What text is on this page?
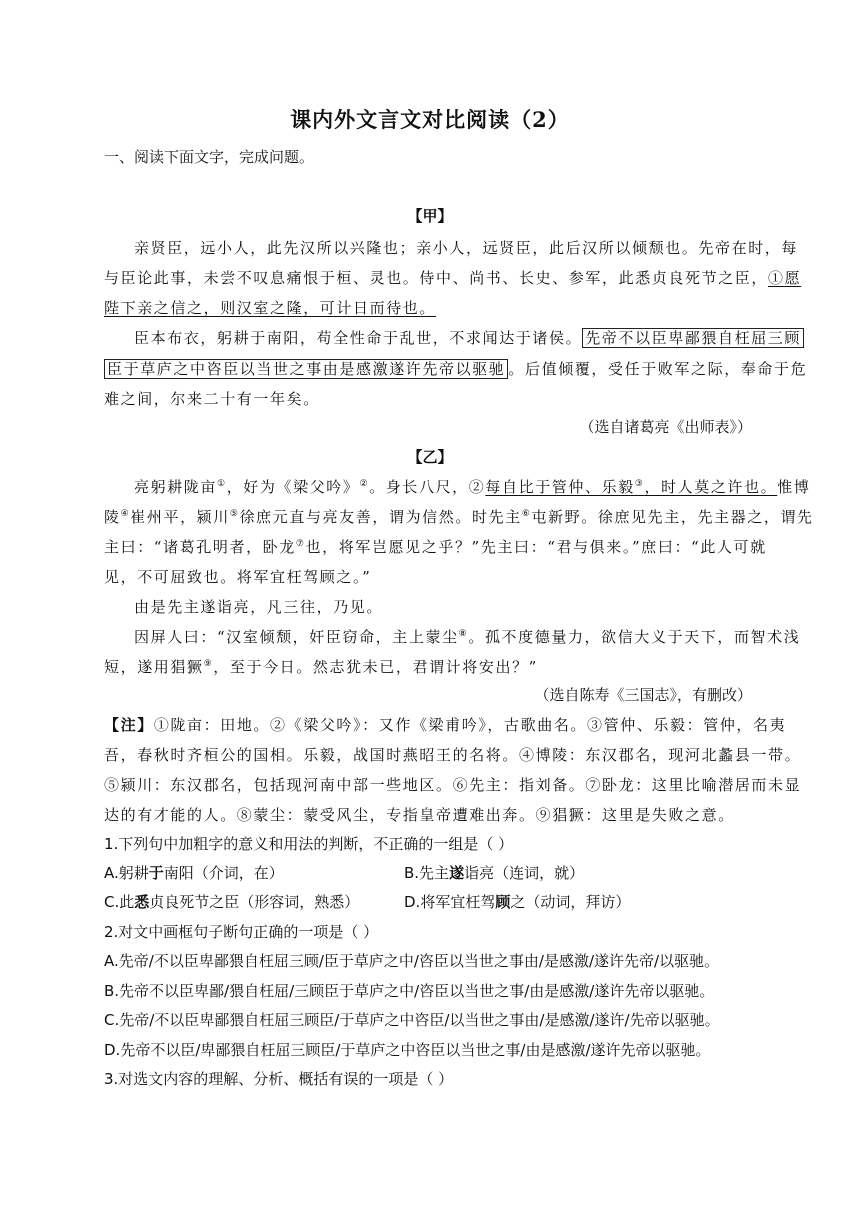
课内外文言文对比阅读（2）
一、阅读下面文字，完成问题。
【甲】
亲贤臣，远小人，此先汉所以兴隆也；亲小人，远贤臣，此后汉所以倾颓也。先帝在时，每
与臣论此事，未尝不叹息痛恨于桓、灵也。侍中、尚书、长史、参军，此悉贞良死节之臣，①愿
陛下亲之信之，则汉室之隆，可计日而待也。
臣本布衣，躬耕于南阳，苟全性命于乱世，不求闻达于诸侯。 先帝不以臣卑鄙猥自枉屈三顾
臣于草庐之中咨臣以当世之事由是感激遂许先帝以驱驰 。后值倾覆，受任于败军之际，奉命于危
难之间，尔来二十有一年矣。
（选自诸葛亮《出师表》）
【乙】
亮躬耕陇亩①，好为《梁父吟》②。身长八尺，②每自比于管仲、乐毅③，时人莫之许也。惟博
陵④崔州平，颍川⑤徐庶元直与亮友善，谓为信然。时先主⑥屯新野。徐庶见先主，先主器之，谓先
主曰：“诸葛孔明者，卧龙⑦也，将军岂愿见之乎？”先主曰：“君与俱来。”庶曰：“此人可就
见，不可屈致也。将军宜枉驾顾之。”
由是先主遂诣亮，凡三往，乃见。
因屏人曰：“汉室倾颓，奸臣窃命，主上蒙尘⑧。孤不度德量力，欲信大义于天下，而智术浅
短，遂用猖獗⑨，至于今日。然志犹未已，君谓计将安出？”
（选自陈寿《三国志》，有删改）
【注】①陇亩：田地。②《梁父吟》：又作《梁甫吟》，古歌曲名。③管仲、乐毅：管仲，名夷
吾，春秋时齐桓公的国相。乐毅，战国时燕昭王的名将。④博陵：东汉郡名，现河北蠡县一带。
⑤颍川：东汉郡名，包括现河南中部一些地区。⑥先主：指刘备。⑦卧龙：这里比喻潜居而未显
达的有才能的人。⑧蒙尘：蒙受风尘，专指皇帝遭难出奔。⑨猖獗：这里是失败之意。
1.下列句中加粗字的意义和用法的判断，不正确的一组是（ ）
A.躬耕于南阳（介词，在）	B.先主遂诣亮（连词，就）
C.此悉贞良死节之臣（形容词，熟悉）	D.将军宜枉驾顾之（动词，拜访）
2.对文中画框句子断句正确的一项是（ ）
A.先帝/不以臣卑鄙猥自枉屈三顾/臣于草庐之中/咨臣以当世之事由/是感激/遂许先帝/以驱驰。
B.先帝不以臣卑鄙/猥自枉屈/三顾臣于草庐之中/咨臣以当世之事/由是感激/遂许先帝以驱驰。
C.先帝/不以臣卑鄙猥自枉屈三顾臣/于草庐之中咨臣/以当世之事由/是感激/遂许/先帝以驱驰。
D.先帝不以臣/卑鄙猥自枉屈三顾臣/于草庐之中咨臣以当世之事/由是感激/遂许先帝以驱驰。
3.对选文内容的理解、分析、概括有误的一项是（ ）
